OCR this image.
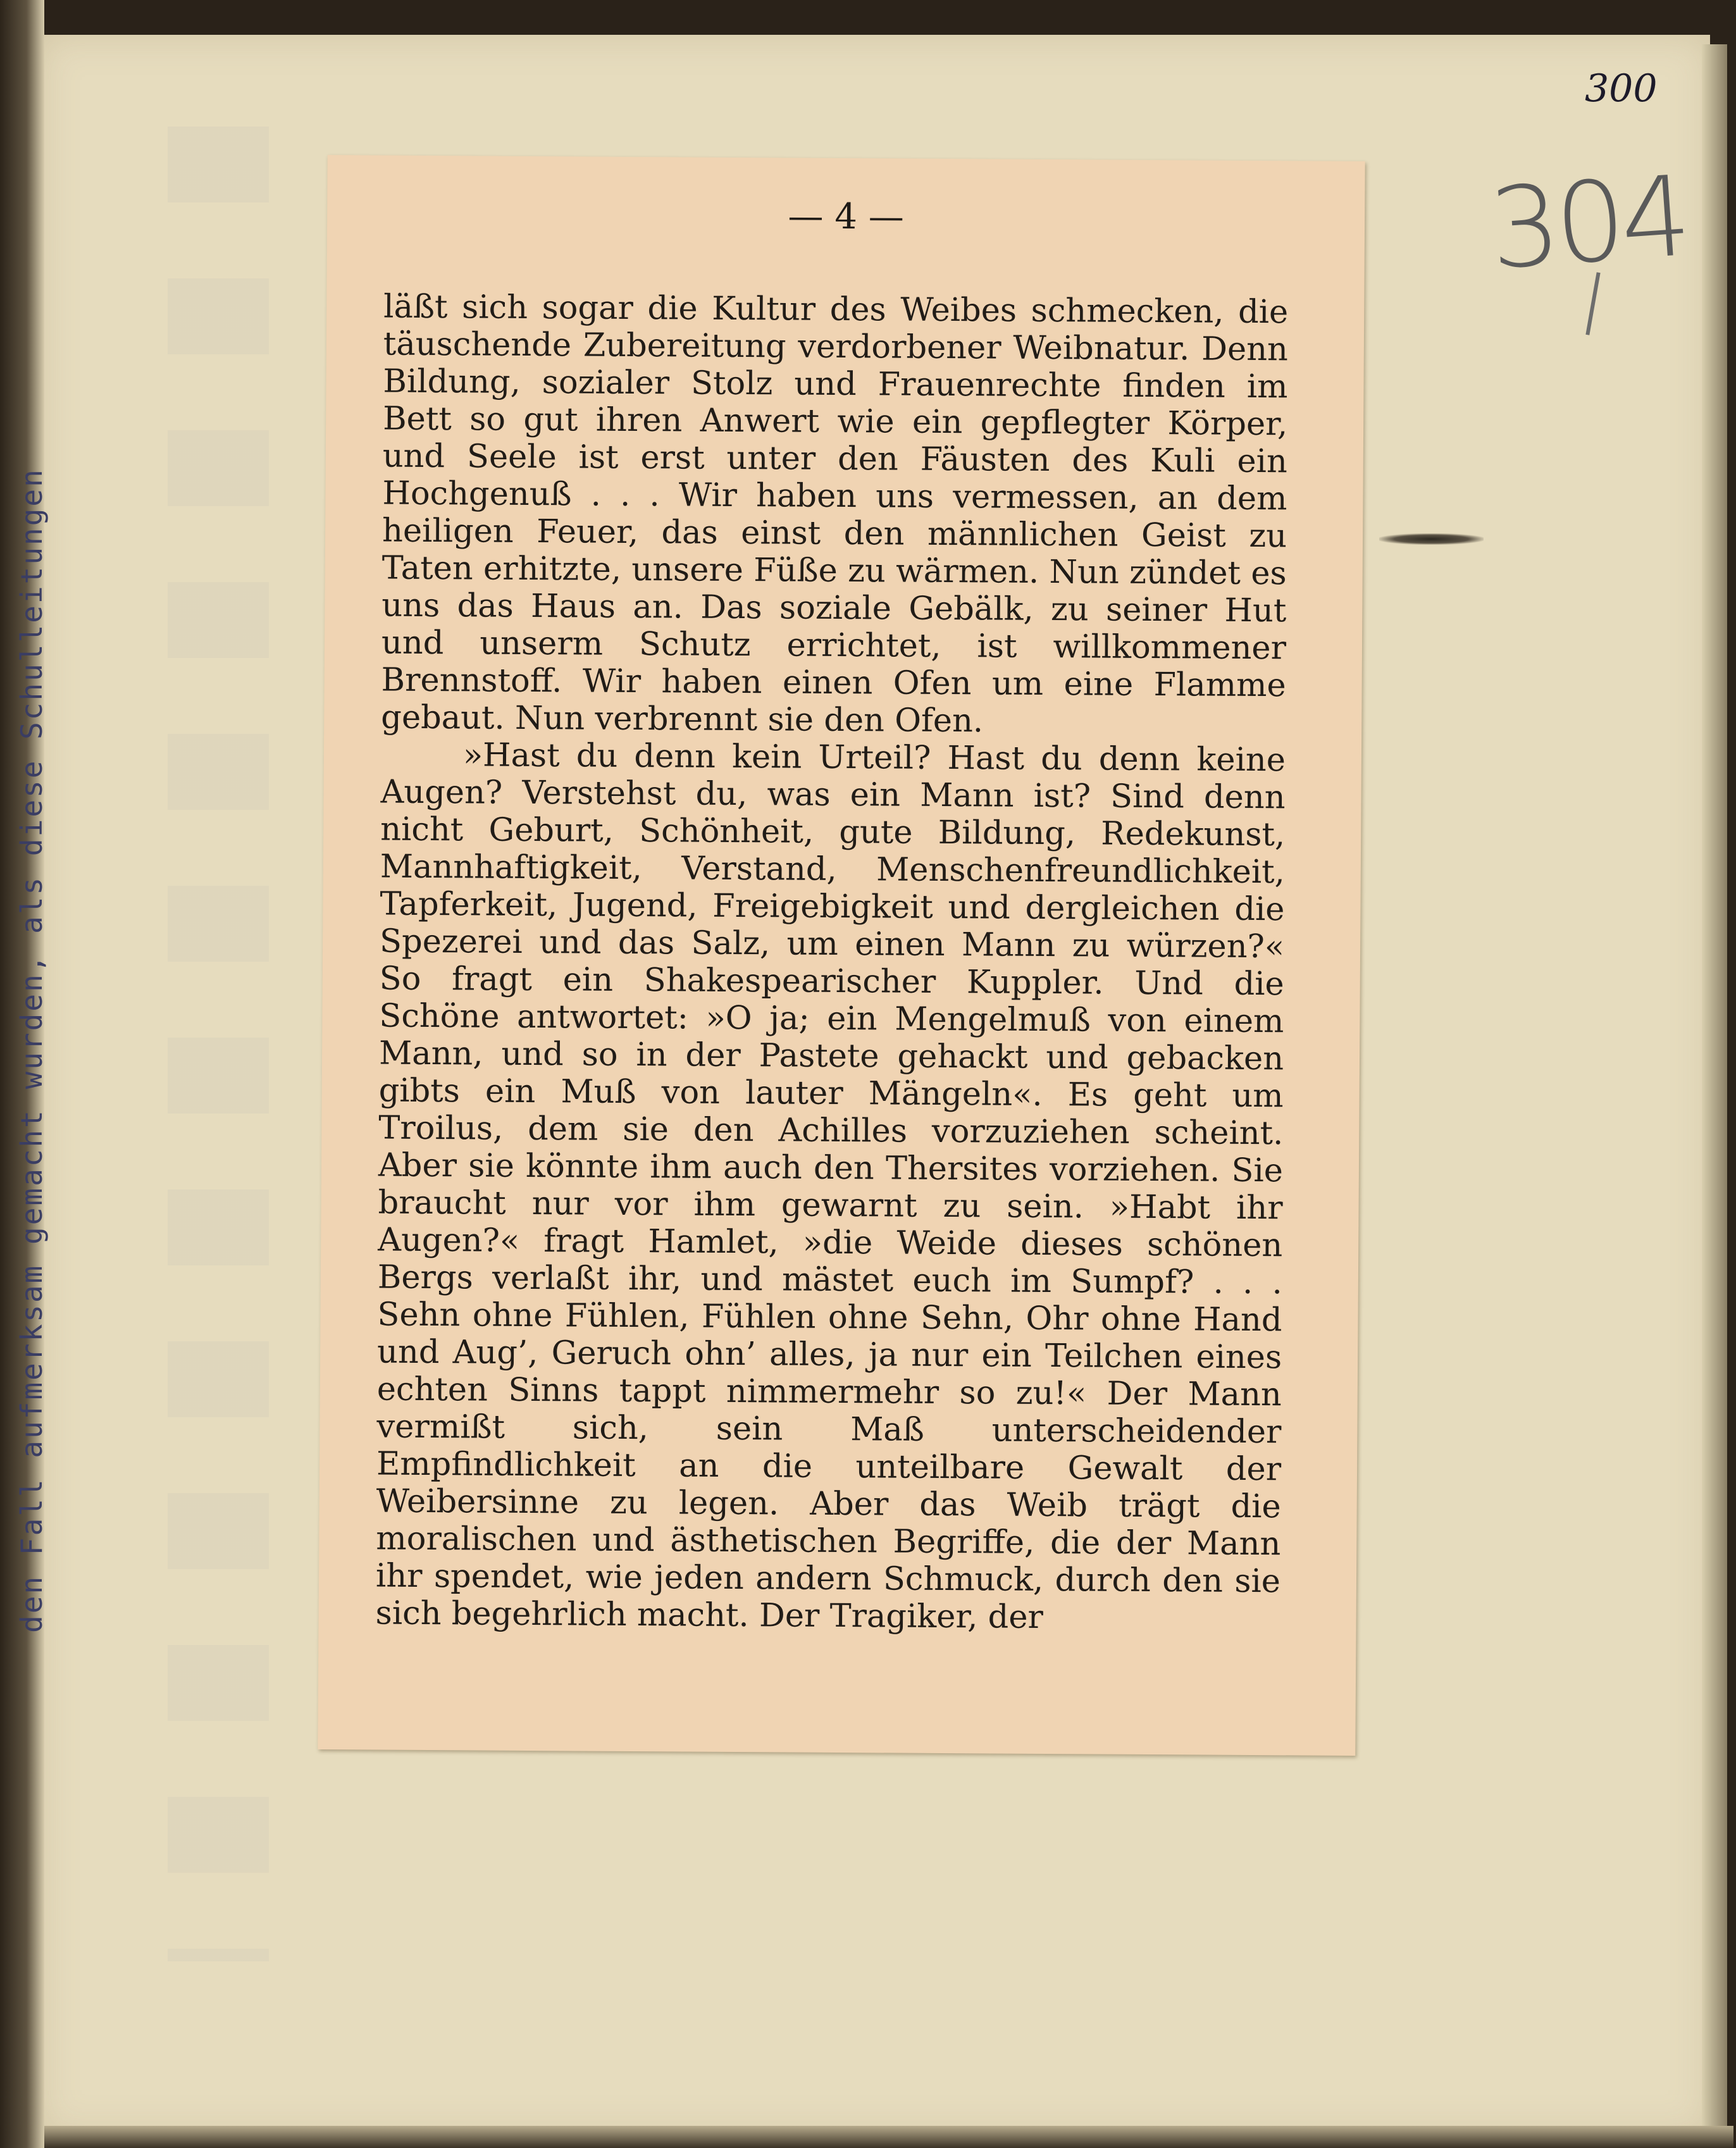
den Fall aufmerksam gemacht wurden, als diese Schulleitungen
300
304
— 4 —

läßt sich sogar die Kultur des Weibes schmecken, die täuschende Zubereitung verdorbener Weibnatur. Denn Bildung, sozialer Stolz und Frauenrechte finden im Bett so gut ihren Anwert wie ein gepflegter Körper, und Seele ist erst unter den Fäusten des Kuli ein Hochgenuß . . . Wir haben uns vermessen, an dem heiligen Feuer, das einst den männlichen Geist zu Taten erhitzte, unsere Füße zu wärmen. Nun zündet es uns das Haus an. Das soziale Gebälk, zu seiner Hut und unserm Schutz errichtet, ist willkommener Brennstoff. Wir haben einen Ofen um eine Flamme gebaut. Nun verbrennt sie den Ofen.

»Hast du denn kein Urteil? Hast du denn keine Augen? Verstehst du, was ein Mann ist? Sind denn nicht Geburt, Schönheit, gute Bildung, Redekunst, Mannhaftigkeit, Verstand, Menschenfreundlichkeit, Tapferkeit, Jugend, Freigebigkeit und dergleichen die Spezerei und das Salz, um einen Mann zu würzen?« So fragt ein Shakespearischer Kuppler. Und die Schöne antwortet: »O ja; ein Mengelmuß von einem Mann, und so in der Pastete gehackt und gebacken gibts ein Muß von lauter Mängeln«. Es geht um Troilus, dem sie den Achilles vorzuziehen scheint. Aber sie könnte ihm auch den Thersites vorziehen. Sie braucht nur vor ihm gewarnt zu sein. »Habt ihr Augen?« fragt Hamlet, »die Weide dieses schönen Bergs verlaßt ihr, und mästet euch im Sumpf? . . . Sehn ohne Fühlen, Fühlen ohne Sehn, Ohr ohne Hand und Aug’, Geruch ohn’ alles, ja nur ein Teilchen eines echten Sinns tappt nimmermehr so zu!« Der Mann vermißt sich, sein Maß unterscheidender Empfindlichkeit an die unteilbare Gewalt der Weibersinne zu legen. Aber das Weib trägt die moralischen und ästhetischen Begriffe, die der Mann ihr spendet, wie jeden andern Schmuck, durch den sie sich begehrlich macht. Der Tragiker, der
